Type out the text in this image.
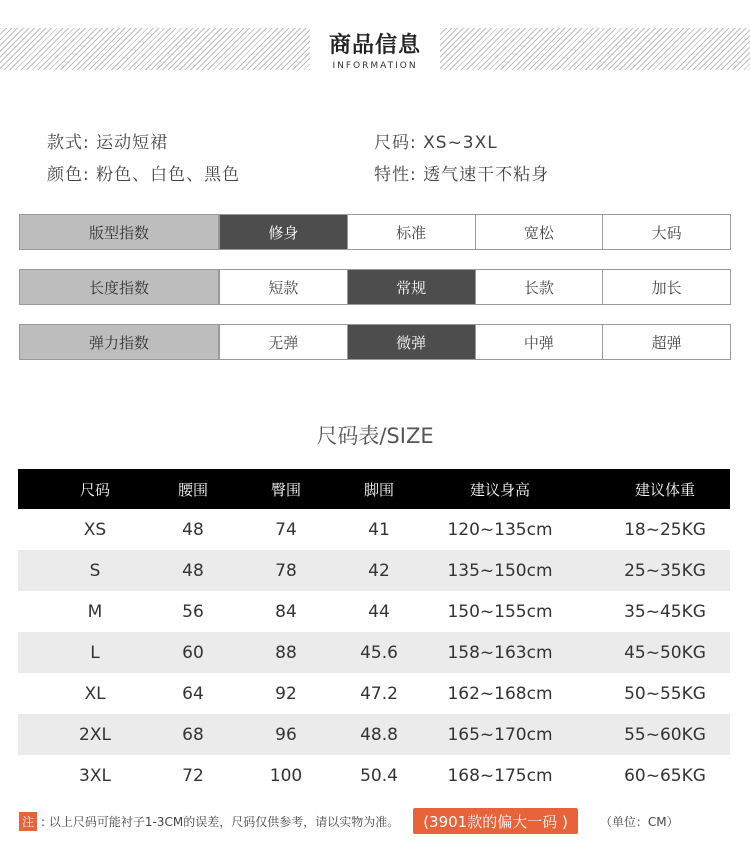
商品信息
INFORMATION
款式: 运动短裙	尺码: XS~3XL
颜色: 粉色、白色、黑色	特性: 透气速干不粘身
版型指数	修身	标准	宽松	大码
长度指数	短款	常规	长款	加长
弹力指数	无弹	微弹	中弹	超弹
尺码表/SIZE
尺码	腰围	臀围	脚围	建议身高	建议体重
XS	48	74	41	120~135cm	18~25KG
S	48	78	42	135~150cm	25~35KG
M	56	84	44	150~155cm	35~45KG
L	60	88	45.6	158~163cm	45~50KG
XL	64	92	47.2	162~168cm	50~55KG
2XL	68	96	48.8	165~170cm	55~60KG
3XL	72	100	50.4	168~175cm	60~65KG
注 : 以上尺码可能衬子1-3CM的误差，尺码仅供参考，请以实物为准。	(3901款的偏大一码 )	（单位：CM）
